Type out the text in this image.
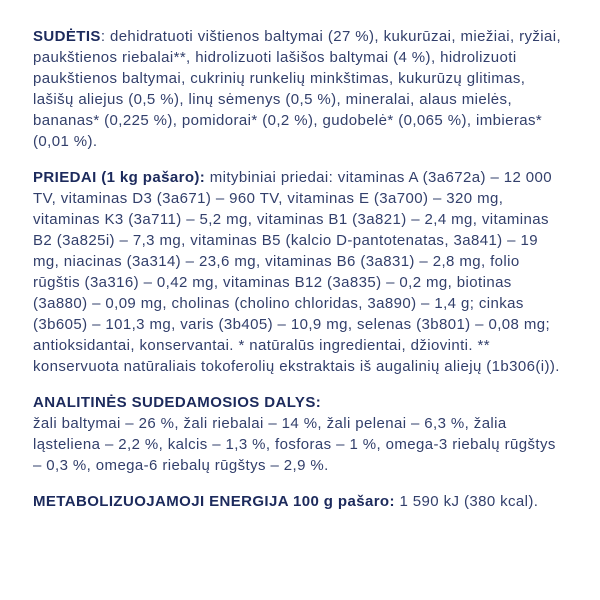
SUDĖTIS: dehidratuoti vištienos baltymai (27 %), kukurūzai, miežiai, ryžiai, paukštienos riebalai**, hidrolizuoti lašišos baltymai (4 %), hidrolizuoti paukštienos baltymai, cukrinių runkelių minkštimas, kukurūzų glitimas, lašišų aliejus (0,5 %), linų sėmenys (0,5 %), mineralai, alaus mielės, bananas* (0,225 %), pomidorai* (0,2 %), gudobelė* (0,065 %), imbieras* (0,01 %).

PRIEDAI (1 kg pašaro): mitybiniai priedai: vitaminas A (3a672a) – 12 000 TV, vitaminas D3 (3a671) – 960 TV, vitaminas E (3a700) – 320 mg, vitaminas K3 (3a711) – 5,2 mg, vitaminas B1 (3a821) – 2,4 mg, vitaminas B2 (3a825i) – 7,3 mg, vitaminas B5 (kalcio D-pantotenatas, 3a841) – 19 mg, niacinas (3a314) – 23,6 mg, vitaminas B6 (3a831) – 2,8 mg, folio rūgštis (3a316) – 0,42 mg, vitaminas B12 (3a835) – 0,2 mg, biotinas (3a880) – 0,09 mg, cholinas (cholino chloridas, 3a890) – 1,4 g; cinkas (3b605) – 101,3 mg, varis (3b405) – 10,9 mg, selenas (3b801) – 0,08 mg; antioksidantai, konservantai. * natūralūs ingredientai, džiovinti. ** konservuota natūraliais tokoferolių ekstraktais iš augalinių aliejų (1b306(i)).

ANALITINĖS SUDEDAMOSIOS DALYS:
žali baltymai – 26 %, žali riebalai – 14 %, žali pelenai – 6,3 %, žalia ląsteliena – 2,2 %, kalcis – 1,3 %, fosforas – 1 %, omega-3 riebalų rūgštys – 0,3 %, omega-6 riebalų rūgštys – 2,9 %.

METABOLIZUOJAMOJI ENERGIJA 100 g pašaro: 1 590 kJ (380 kcal).
